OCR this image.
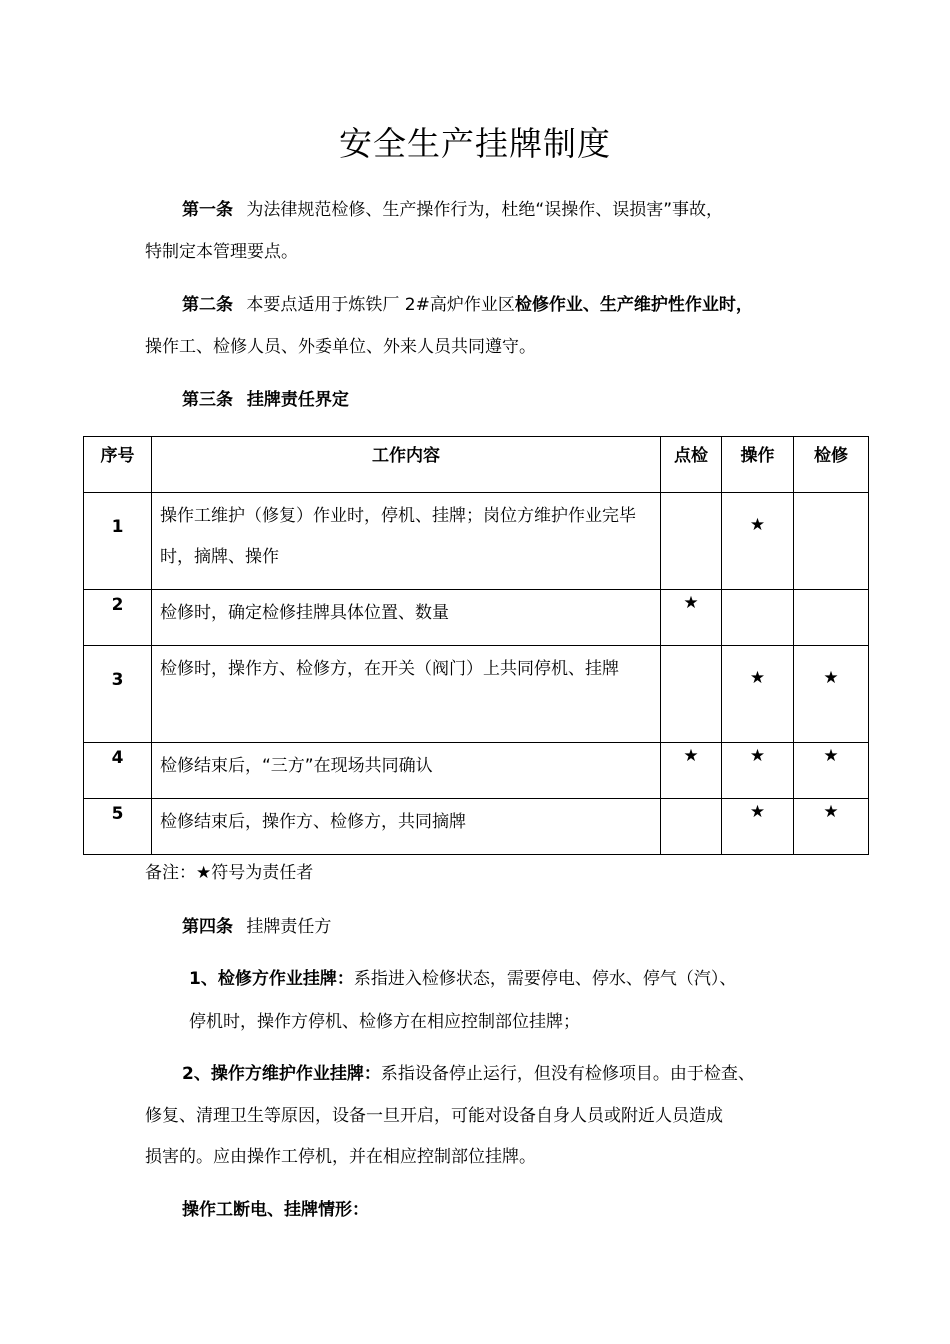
安全生产挂牌制度
第一条 为法律规范检修、生产操作行为，杜绝“误操作、误损害”事故，
特制定本管理要点。
第二条 本要点适用于炼铁厂 2#高炉作业区检修作业、生产维护性作业时，
操作工、检修人员、外委单位、外来人员共同遵守。
第三条 挂牌责任界定
序号	工作内容	点检	操作	检修

1	操作工维护（修复）作业时，停机、挂牌；岗位方维护作业完毕时，摘牌、操作		★	

2	检修时，确定检修挂牌具体位置、数量	★		

3	检修时，操作方、检修方，在开关（阀门）上共同停机、挂牌		★	★

4	检修结束后，“三方”在现场共同确认	★	★	★

5	检修结束后，操作方、检修方，共同摘牌		★	★
备注：★符号为责任者
第四条 挂牌责任方
1、检修方作业挂牌：系指进入检修状态，需要停电、停水、停气（汽）、
停机时，操作方停机、检修方在相应控制部位挂牌；
2、操作方维护作业挂牌：系指设备停止运行，但没有检修项目。由于检查、
修复、清理卫生等原因，设备一旦开启，可能对设备自身人员或附近人员造成
损害的。应由操作工停机，并在相应控制部位挂牌。
操作工断电、挂牌情形：
